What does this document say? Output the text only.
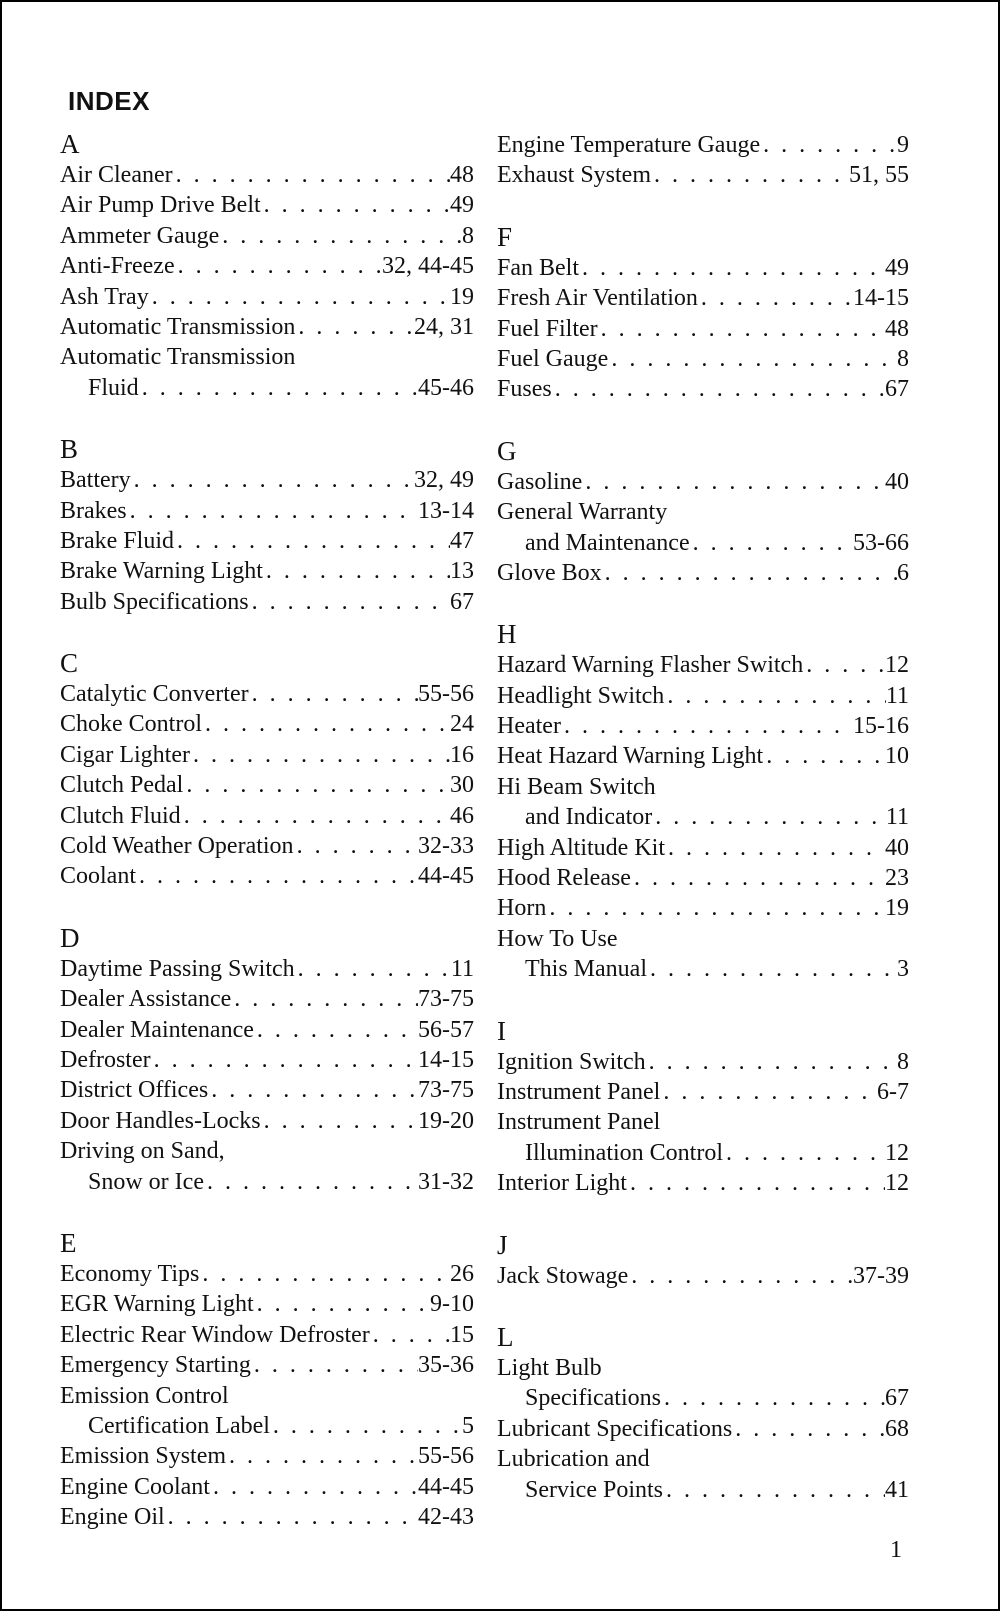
INDEX
A
Air Cleaner . . .	48
Air Pump Drive Belt . . .	49
Ammeter Gauge . . .	8
Anti-Freeze . . .	32, 44-45
Ash Tray . . .	19
Automatic Transmission . . .	24, 31
Automatic Transmission
Fluid . . .	45-46
B
Battery . . .	32, 49
Brakes . . .	13-14
Brake Fluid . . .	47
Brake Warning Light . . .	13
Bulb Specifications . . .	67
C
Catalytic Converter . . .	55-56
Choke Control . . .	24
Cigar Lighter . . .	16
Clutch Pedal . . .	30
Clutch Fluid . . .	46
Cold Weather Operation . . .	32-33
Coolant . . .	44-45
D
Daytime Passing Switch . . .	11
Dealer Assistance . . .	73-75
Dealer Maintenance . . .	56-57
Defroster . . .	14-15
District Offices . . .	73-75
Door Handles-Locks . . .	19-20
Driving on Sand,
Snow or Ice . . .	31-32
E
Economy Tips . . .	26
EGR Warning Light . . .	9-10
Electric Rear Window Defroster . . .	15
Emergency Starting . . .	35-36
Emission Control
Certification Label . . .	5
Emission System . . .	55-56
Engine Coolant . . .	44-45
Engine Oil . . .	42-43
Engine Temperature Gauge . . .	9
Exhaust System . . .	51, 55
F
Fan Belt . . .	49
Fresh Air Ventilation . . .	14-15
Fuel Filter . . .	48
Fuel Gauge . . .	8
Fuses . . .	67
G
Gasoline . . .	40
General Warranty
and Maintenance . . .	53-66
Glove Box . . .	6
H
Hazard Warning Flasher Switch . . .	12
Headlight Switch . . .	11
Heater . . .	15-16
Heat Hazard Warning Light . . .	10
Hi Beam Switch
and Indicator . . .	11
High Altitude Kit . . .	40
Hood Release . . .	23
Horn . . .	19
How To Use
This Manual . . .	3
I
Ignition Switch . . .	8
Instrument Panel . . .	6-7
Instrument Panel
Illumination Control . . .	12
Interior Light . . .	12
J
Jack Stowage . . .	37-39
L
Light Bulb
Specifications . . .	67
Lubricant Specifications . . .	68
Lubrication and
Service Points . . .	41
1
